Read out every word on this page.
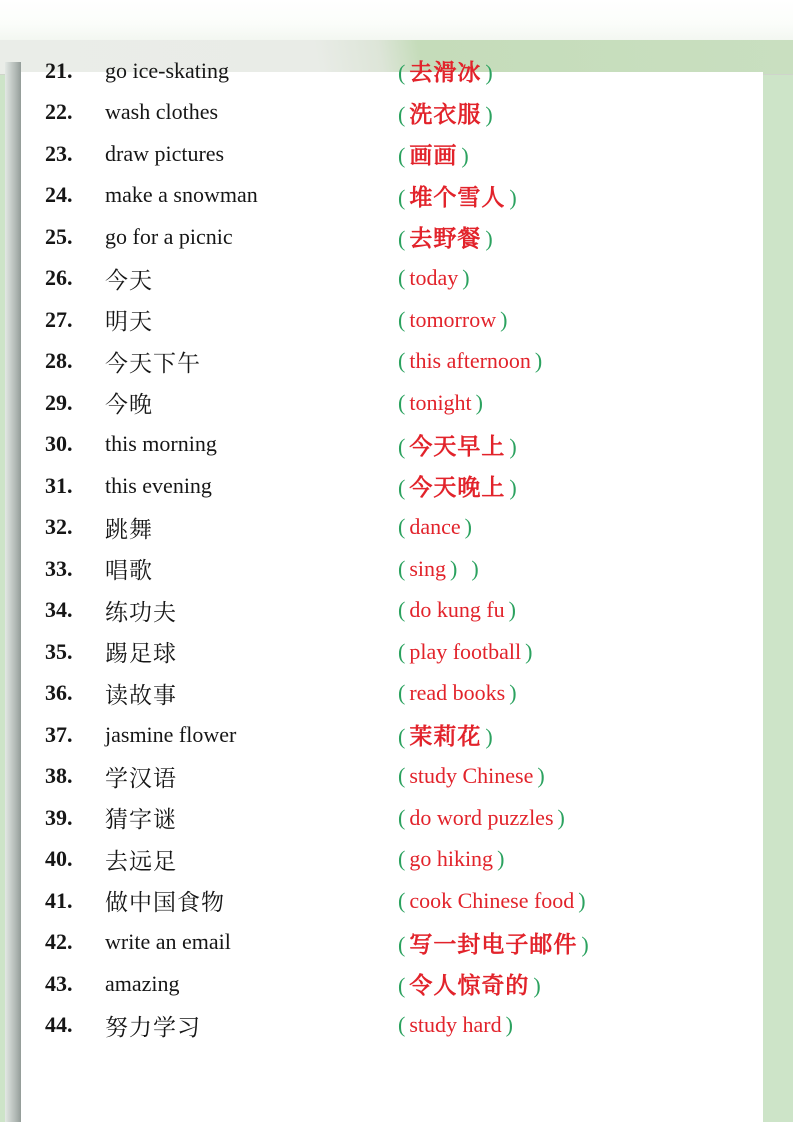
21.	go ice-skating	( 去滑冰 )
22.	wash clothes	( 洗衣服 )
23.	draw pictures	( 画画 )
24.	make a snowman	( 堆个雪人 )
25.	go for a picnic	( 去野餐 )
26.	今天	( today )
27.	明天	( tomorrow )
28.	今天下午	( this afternoon )
29.	今晚	( tonight )
30.	this morning	( 今天早上 )
31.	this evening	( 今天晚上 )
32.	跳舞	( dance )
33.	唱歌	( sing ) )
34.	练功夫	( do kung fu )
35.	踢足球	( play football )
36.	读故事	( read books )
37.	jasmine flower	( 茉莉花 )
38.	学汉语	( study Chinese )
39.	猜字谜	( do word puzzles )
40.	去远足	( go hiking )
41.	做中国食物	( cook Chinese food )
42.	write an email	( 写一封电子邮件 )
43.	amazing	( 令人惊奇的 )
44.	努力学习	( study hard )
